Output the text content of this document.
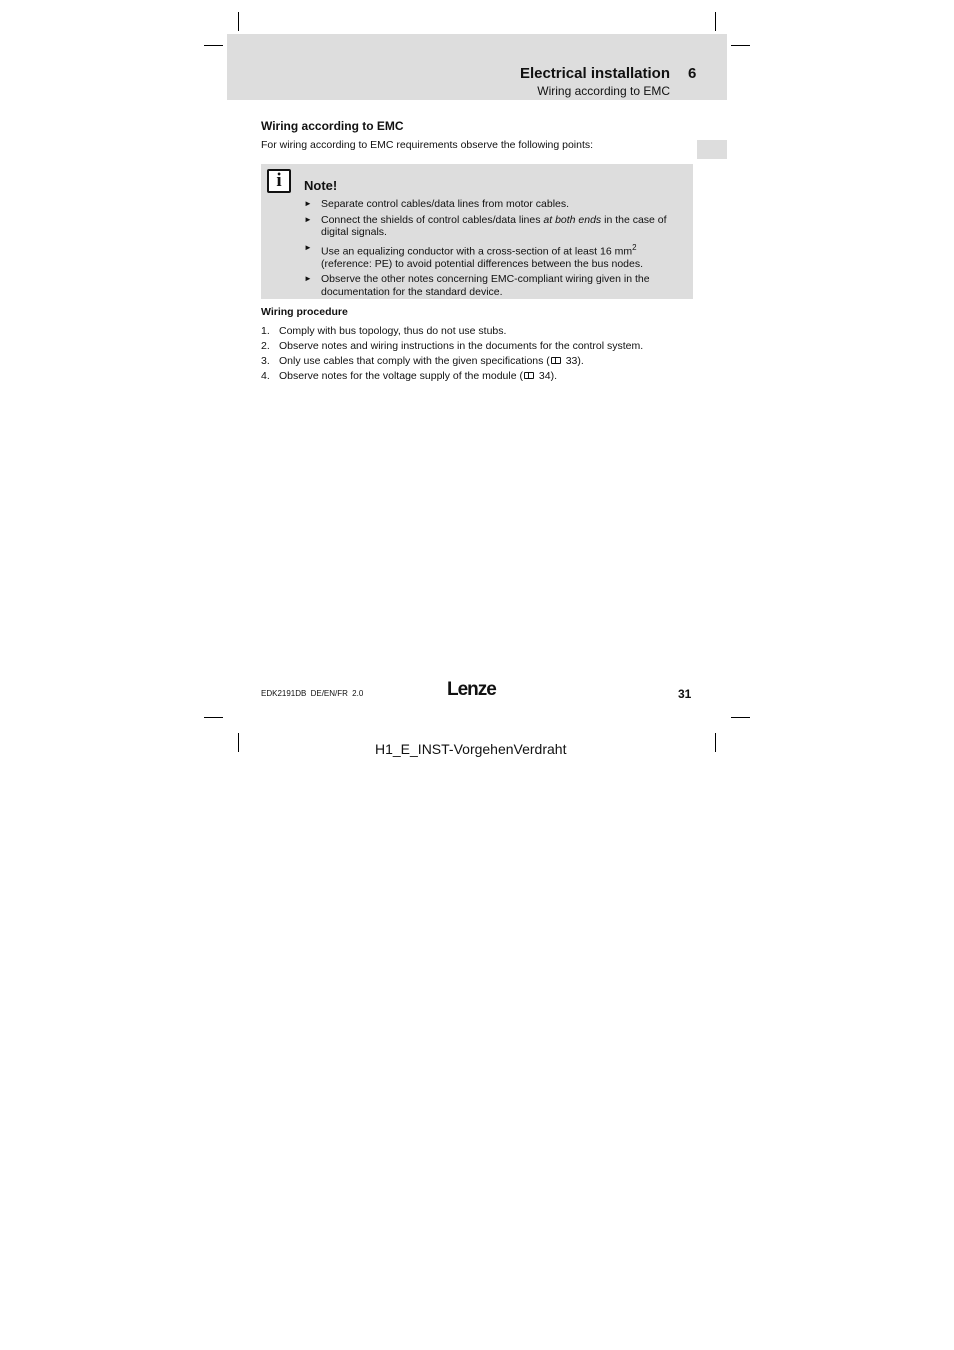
Electrical installation 6
Wiring according to EMC
Wiring according to EMC
For wiring according to EMC requirements observe the following points:
i	Note!
► Separate control cables/data lines from motor cables.
► Connect the shields of control cables/data lines at both ends in the case of digital signals.
► Use an equalizing conductor with a cross-section of at least 16 $mm^2$ (reference: PE) to avoid potential differences between the bus nodes.
► Observe the other notes concerning EMC-compliant wiring given in the documentation for the standard device.
Wiring procedure
1. Comply with bus topology, thus do not use stubs.
2. Observe notes and wiring instructions in the documents for the control system.
3. Only use cables that comply with the given specifications ( 33).
4. Observe notes for the voltage supply of the module ( 34).
EDK2191DB DE/EN/FR 2.0	Lenze	31
H1_E_INST-VorgehenVerdraht
